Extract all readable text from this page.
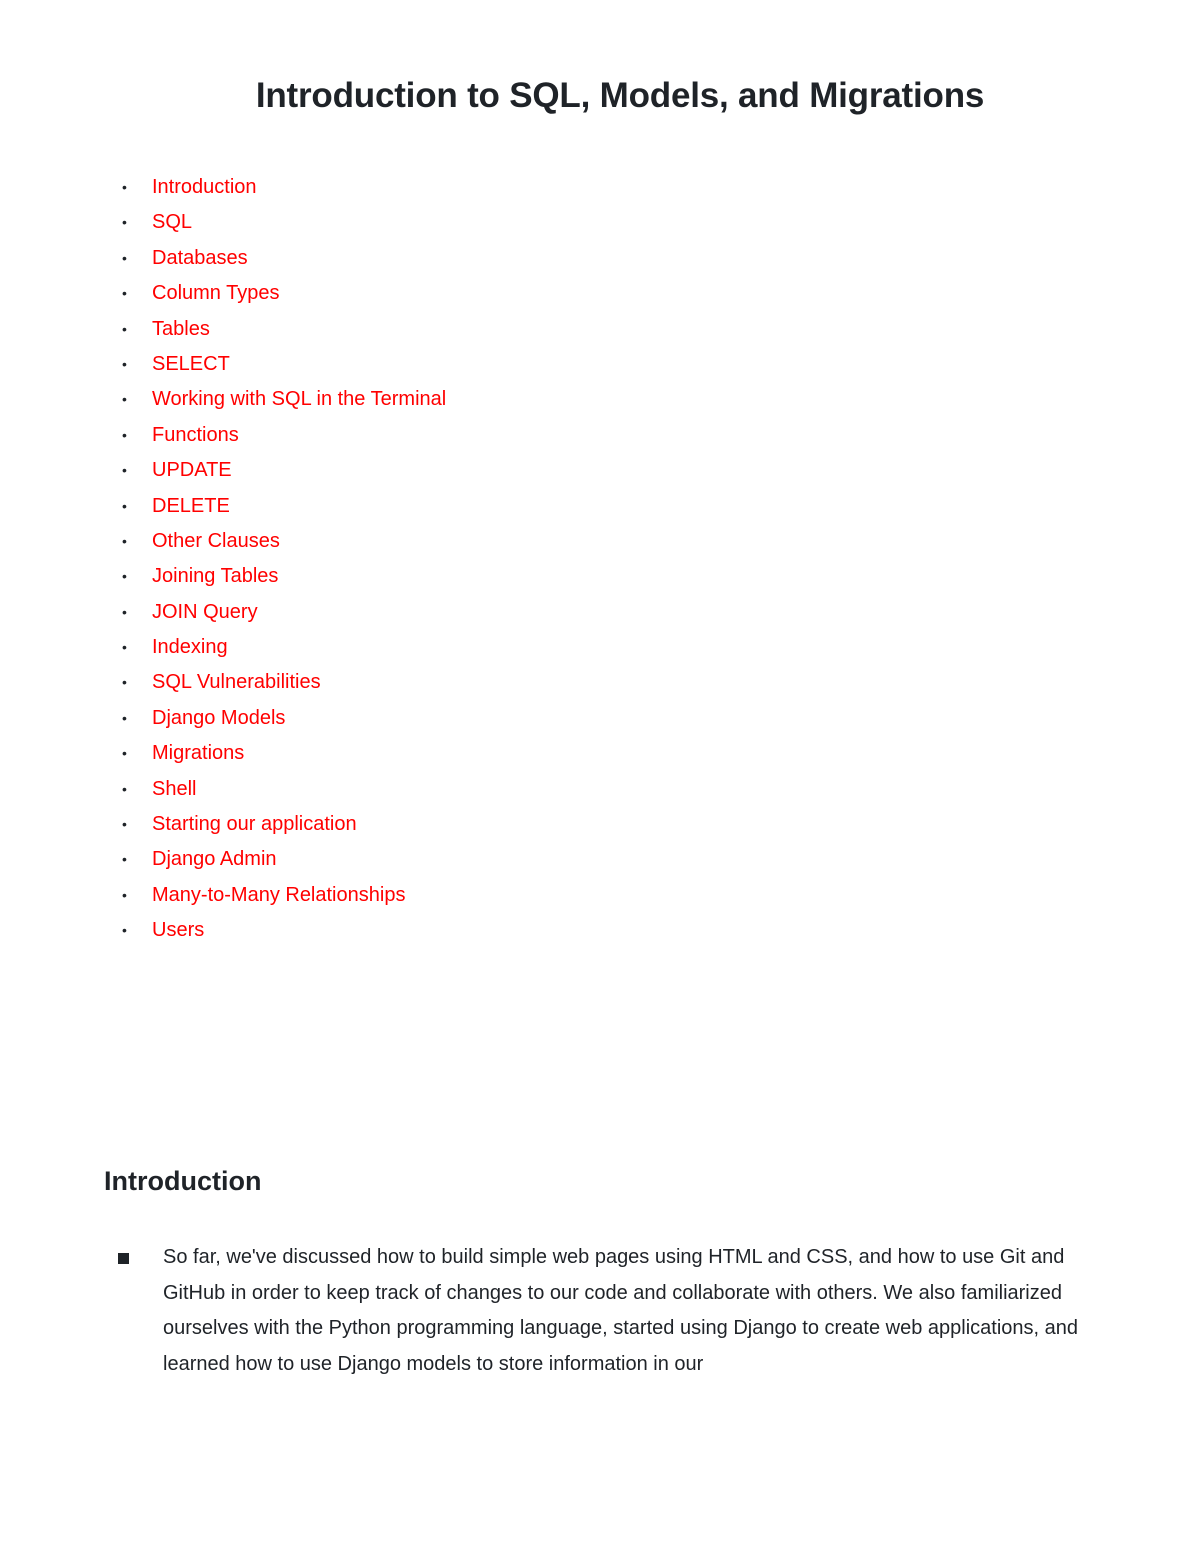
Introduction to SQL, Models, and Migrations
•	Introduction
•	SQL
•	Databases
•	Column Types
•	Tables
•	SELECT
•	Working with SQL in the Terminal
•	Functions
•	UPDATE
•	DELETE
•	Other Clauses
•	Joining Tables
•	JOIN Query
•	Indexing
•	SQL Vulnerabilities
•	Django Models
•	Migrations
•	Shell
•	Starting our application
•	Django Admin
•	Many-to-Many Relationships
•	Users
Introduction

So far, we've discussed how to build simple web pages using HTML and CSS, and how to use Git and GitHub in order to keep track of changes to our code and collaborate with others. We also familiarized ourselves with the Python programming language, started using Django to create web applications, and learned how to use Django models to store information in our
